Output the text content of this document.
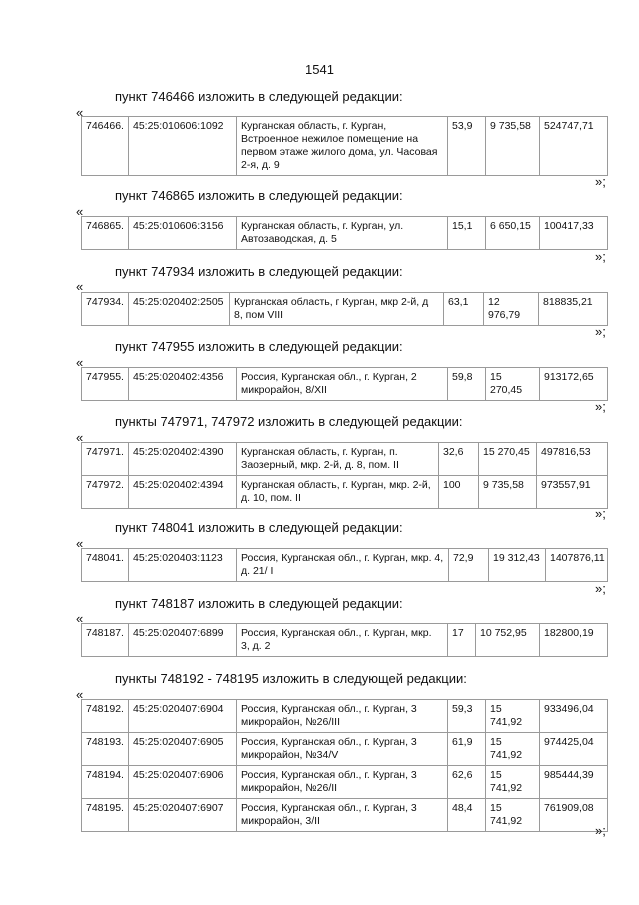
1541
пункт 746466 изложить в следующей редакции:
«
746466.	45:25:010606:1092	Курганская область, г. Курган, Встроенное нежилое помещение на первом этаже жилого дома, ул. Часовая 2-я, д. 9	53,9	9 735,58	524747,71
»;
пункт 746865 изложить в следующей редакции:
«
746865.	45:25:010606:3156	Курганская область, г. Курган, ул. Автозаводская, д. 5	15,1	6 650,15	100417,33
»;
пункт 747934 изложить в следующей редакции:
«
747934.	45:25:020402:2505	Курганская область, г Курган, мкр 2-й, д 8, пом VIII	63,1	12 976,79	818835,21
»;
пункт 747955 изложить в следующей редакции:
«
747955.	45:25:020402:4356	Россия, Курганская обл., г. Курган, 2 микрорайон, 8/XII	59,8	15 270,45	913172,65
»;
пункты 747971, 747972 изложить в следующей редакции:
«
747971.	45:25:020402:4390	Курганская область, г. Курган, п. Заозерный, мкр. 2-й, д. 8, пом. II	32,6	15 270,45	497816,53
747972.	45:25:020402:4394	Курганская область, г. Курган, мкр. 2-й, д. 10, пом. II	100	9 735,58	973557,91
»;
пункт 748041 изложить в следующей редакции:
«
748041.	45:25:020403:1123	Россия, Курганская обл., г. Курган, мкр. 4, д. 21/ I	72,9	19 312,43	1407876,11
»;
пункт 748187 изложить в следующей редакции:
«
748187.	45:25:020407:6899	Россия, Курганская обл., г. Курган, мкр. 3, д. 2	17	10 752,95	182800,19
пункты 748192 - 748195 изложить в следующей редакции:
«
748192.	45:25:020407:6904	Россия, Курганская обл., г. Курган, 3 микрорайон, №26/III	59,3	15 741,92	933496,04
748193.	45:25:020407:6905	Россия, Курганская обл., г. Курган, 3 микрорайон, №34/V	61,9	15 741,92	974425,04
748194.	45:25:020407:6906	Россия, Курганская обл., г. Курган, 3 микрорайон, №26/II	62,6	15 741,92	985444,39
748195.	45:25:020407:6907	Россия, Курганская обл., г. Курган, 3 микрорайон, 3/II	48,4	15 741,92	761909,08
»;
